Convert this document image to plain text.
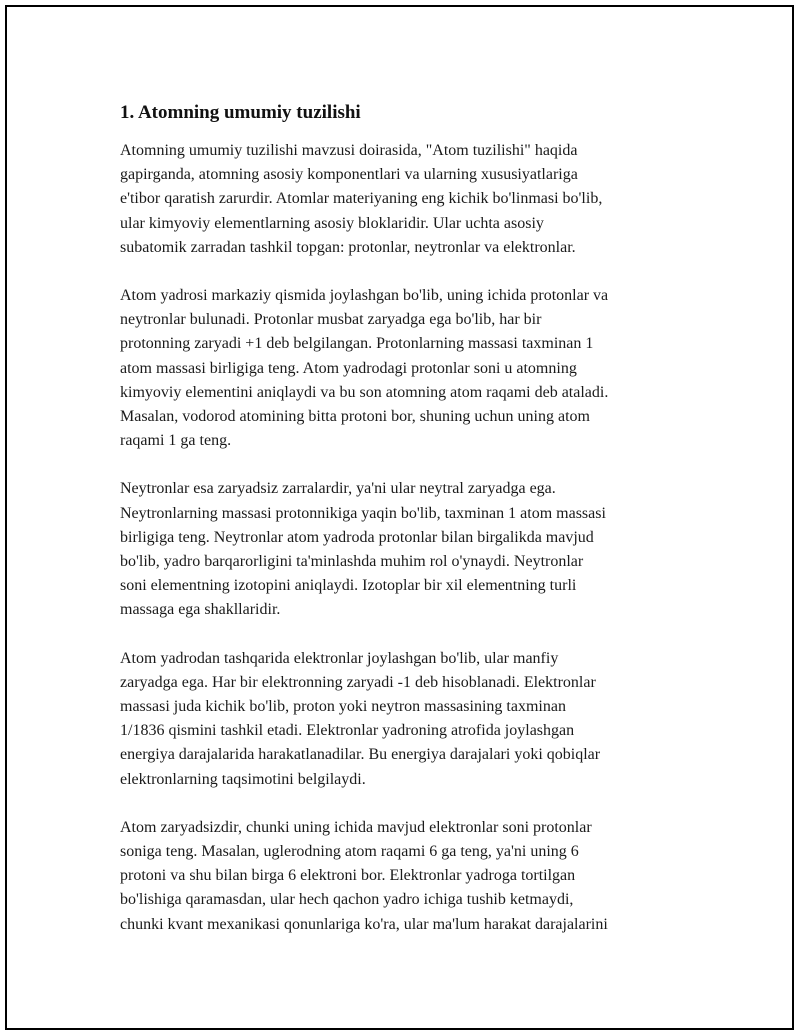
1. Atomning umumiy tuzilishi

Atomning umumiy tuzilishi mavzusi doirasida, "Atom tuzilishi" haqida
gapirganda, atomning asosiy komponentlari va ularning xususiyatlariga
e'tibor qaratish zarurdir. Atomlar materiyaning eng kichik bo'linmasi bo'lib,
ular kimyoviy elementlarning asosiy bloklaridir. Ular uchta asosiy
subatomik zarradan tashkil topgan: protonlar, neytronlar va elektronlar.

Atom yadrosi markaziy qismida joylashgan bo'lib, uning ichida protonlar va
neytronlar bulunadi. Protonlar musbat zaryadga ega bo'lib, har bir
protonning zaryadi +1 deb belgilangan. Protonlarning massasi taxminan 1
atom massasi birligiga teng. Atom yadrodagi protonlar soni u atomning
kimyoviy elementini aniqlaydi va bu son atomning atom raqami deb ataladi.
Masalan, vodorod atomining bitta protoni bor, shuning uchun uning atom
raqami 1 ga teng.

Neytronlar esa zaryadsiz zarralardir, ya'ni ular neytral zaryadga ega.
Neytronlarning massasi protonnikiga yaqin bo'lib, taxminan 1 atom massasi
birligiga teng. Neytronlar atom yadroda protonlar bilan birgalikda mavjud
bo'lib, yadro barqarorligini ta'minlashda muhim rol o'ynaydi. Neytronlar
soni elementning izotopini aniqlaydi. Izotoplar bir xil elementning turli
massaga ega shakllaridir.

Atom yadrodan tashqarida elektronlar joylashgan bo'lib, ular manfiy
zaryadga ega. Har bir elektronning zaryadi -1 deb hisoblanadi. Elektronlar
massasi juda kichik bo'lib, proton yoki neytron massasining taxminan
1/1836 qismini tashkil etadi. Elektronlar yadroning atrofida joylashgan
energiya darajalarida harakatlanadilar. Bu energiya darajalari yoki qobiqlar
elektronlarning taqsimotini belgilaydi.

Atom zaryadsizdir, chunki uning ichida mavjud elektronlar soni protonlar
soniga teng. Masalan, uglerodning atom raqami 6 ga teng, ya'ni uning 6
protoni va shu bilan birga 6 elektroni bor. Elektronlar yadroga tortilgan
bo'lishiga qaramasdan, ular hech qachon yadro ichiga tushib ketmaydi,
chunki kvant mexanikasi qonunlariga ko'ra, ular ma'lum harakat darajalarini
